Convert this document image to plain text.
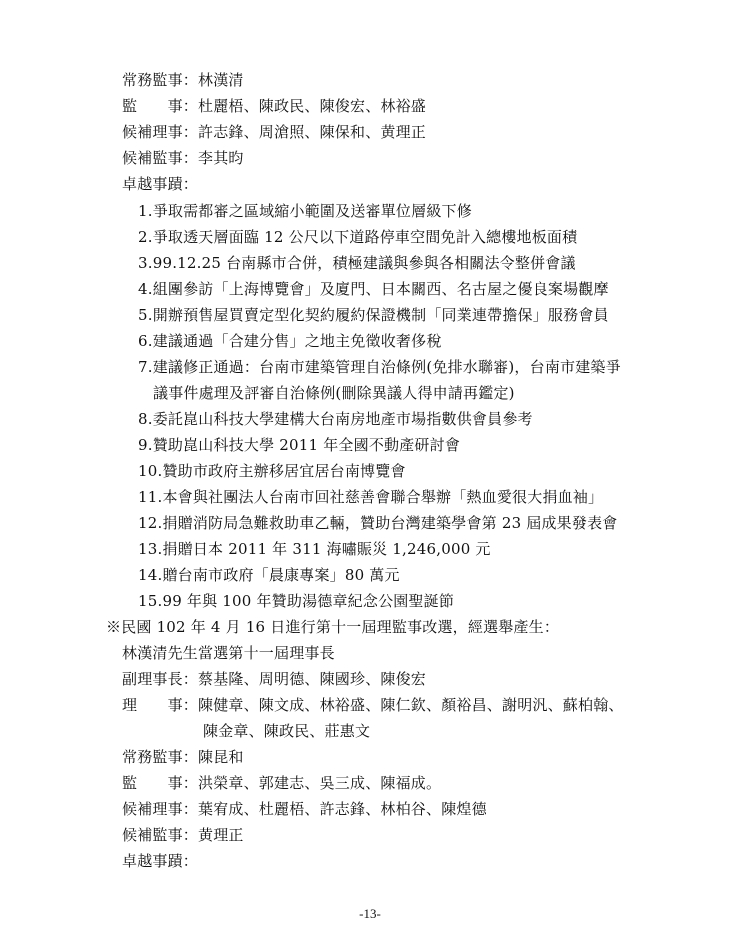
常務監事：林漢清
監　　事：杜麗梧、陳政民、陳俊宏、林裕盛
候補理事：許志鋒、周滄照、陳保和、黄理正
候補監事：李其昀
卓越事蹟：
1.爭取需都審之區域縮小範圍及送審單位層級下修
2.爭取透天層面臨 12 公尺以下道路停車空間免計入總樓地板面積
3.99.12.25 台南縣市合併，積極建議與參與各相關法令整併會議
4.組團參訪「上海博覽會」及廈門、日本關西、名古屋之優良案場觀摩
5.開辦預售屋買賣定型化契約履約保證機制「同業連帶擔保」服務會員
6.建議通過「合建分售」之地主免徵收奢侈稅
7.建議修正通過：台南市建築管理自治條例(免排水聯審)，台南市建築爭
議事件處理及評審自治條例(刪除異議人得申請再鑑定)
8.委託崑山科技大學建構大台南房地產市場指數供會員參考
9.贊助崑山科技大學 2011 年全國不動產研討會
10.贊助市政府主辦移居宜居台南博覽會
11.本會與社團法人台南市回社慈善會聯合舉辦「熱血愛很大捐血袖」
12.捐贈消防局急難救助車乙輛，贊助台灣建築學會第 23 屆成果發表會
13.捐贈日本 2011 年 311 海嘯賑災 1,246,000 元
14.贈台南市政府「晨康專案」80 萬元
15.99 年與 100 年贊助湯德章紀念公園聖誕節
※民國 102 年 4 月 16 日進行第十一屆理監事改選，經選舉產生：
林漢清先生當選第十一屆理事長
副理事長：蔡基隆、周明德、陳國珍、陳俊宏
理　　事：陳健章、陳文成、林裕盛、陳仁欽、顏裕昌、謝明汎、蘇柏翰、
陳金章、陳政民、莊惠文
常務監事：陳昆和
監　　事：洪榮章、郭建志、吳三成、陳福成。
候補理事：葉宥成、杜麗梧、許志鋒、林柏谷、陳煌德
候補監事：黄理正
卓越事蹟：
-13-
